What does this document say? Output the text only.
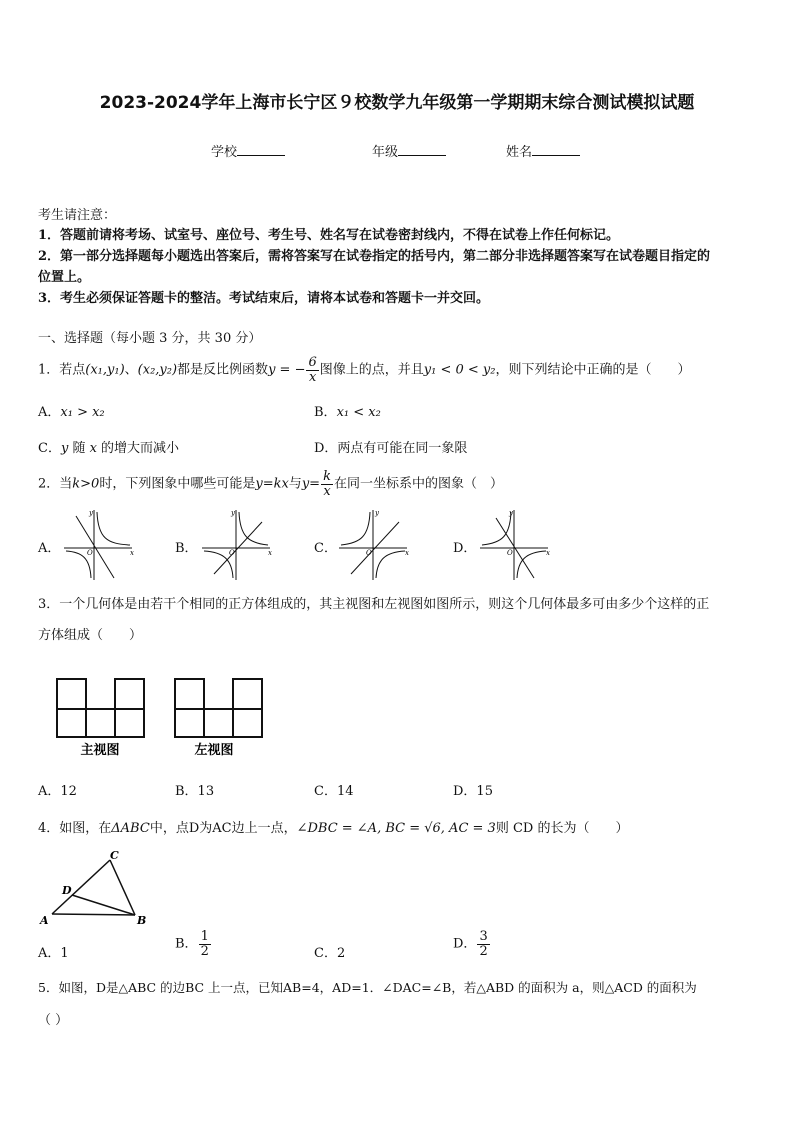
2023-2024学年上海市长宁区９校数学九年级第一学期期末综合测试模拟试题
学校	年级	姓名
考生请注意：
1．答题前请将考场、试室号、座位号、考生号、姓名写在试卷密封线内，不得在试卷上作任何标记。
2．第一部分选择题每小题选出答案后，需将答案写在试卷指定的括号内，第二部分非选择题答案写在试卷题目指定的
位置上。
3．考生必须保证答题卡的整洁。考试结束后，请将本试卷和答题卡一并交回。
一、选择题（每小题 3 分，共 30 分）
1．若点(x₁,y₁)、(x₂,y₂)都是反比例函数y = − $\frac{6}{x}$ 图像上的点，并且y₁ < 0 < y₂，则下列结论中正确的是（　　）
A．x₁ > x₂	B．x₁ < x₂
C．y 随 x 的增大而减小	D．两点有可能在同一象限
2．当k>0时，下列图象中哪些可能是y=kx与$y= \frac{k}{x}$ 在同一坐标系中的图象（　）
A．	B．	C．	D．
y
x
O
y
x
O
y
x
O
y
x
O
3．一个几何体是由若干个相同的正方体组成的，其主视图和左视图如图所示，则这个几何体最多可由多少个这样的正
方体组成（　　）
主视图	左视图
A．12	B．13	C．14	D．15
4．如图，在ΔABC中，点D为AC边上一点，∠DBC = ∠A, BC = √6, AC = 3则 CD 的长为（　　）
A	B
C
D
A．1
B． $\frac{1}{2}$	C．2
D． $\frac{3}{2}$
5．如图，D是△ABC 的边BC 上一点，已知AB=4，AD=1．∠DAC=∠B，若△ABD 的面积为 a，则△ACD 的面积为
（ ）
